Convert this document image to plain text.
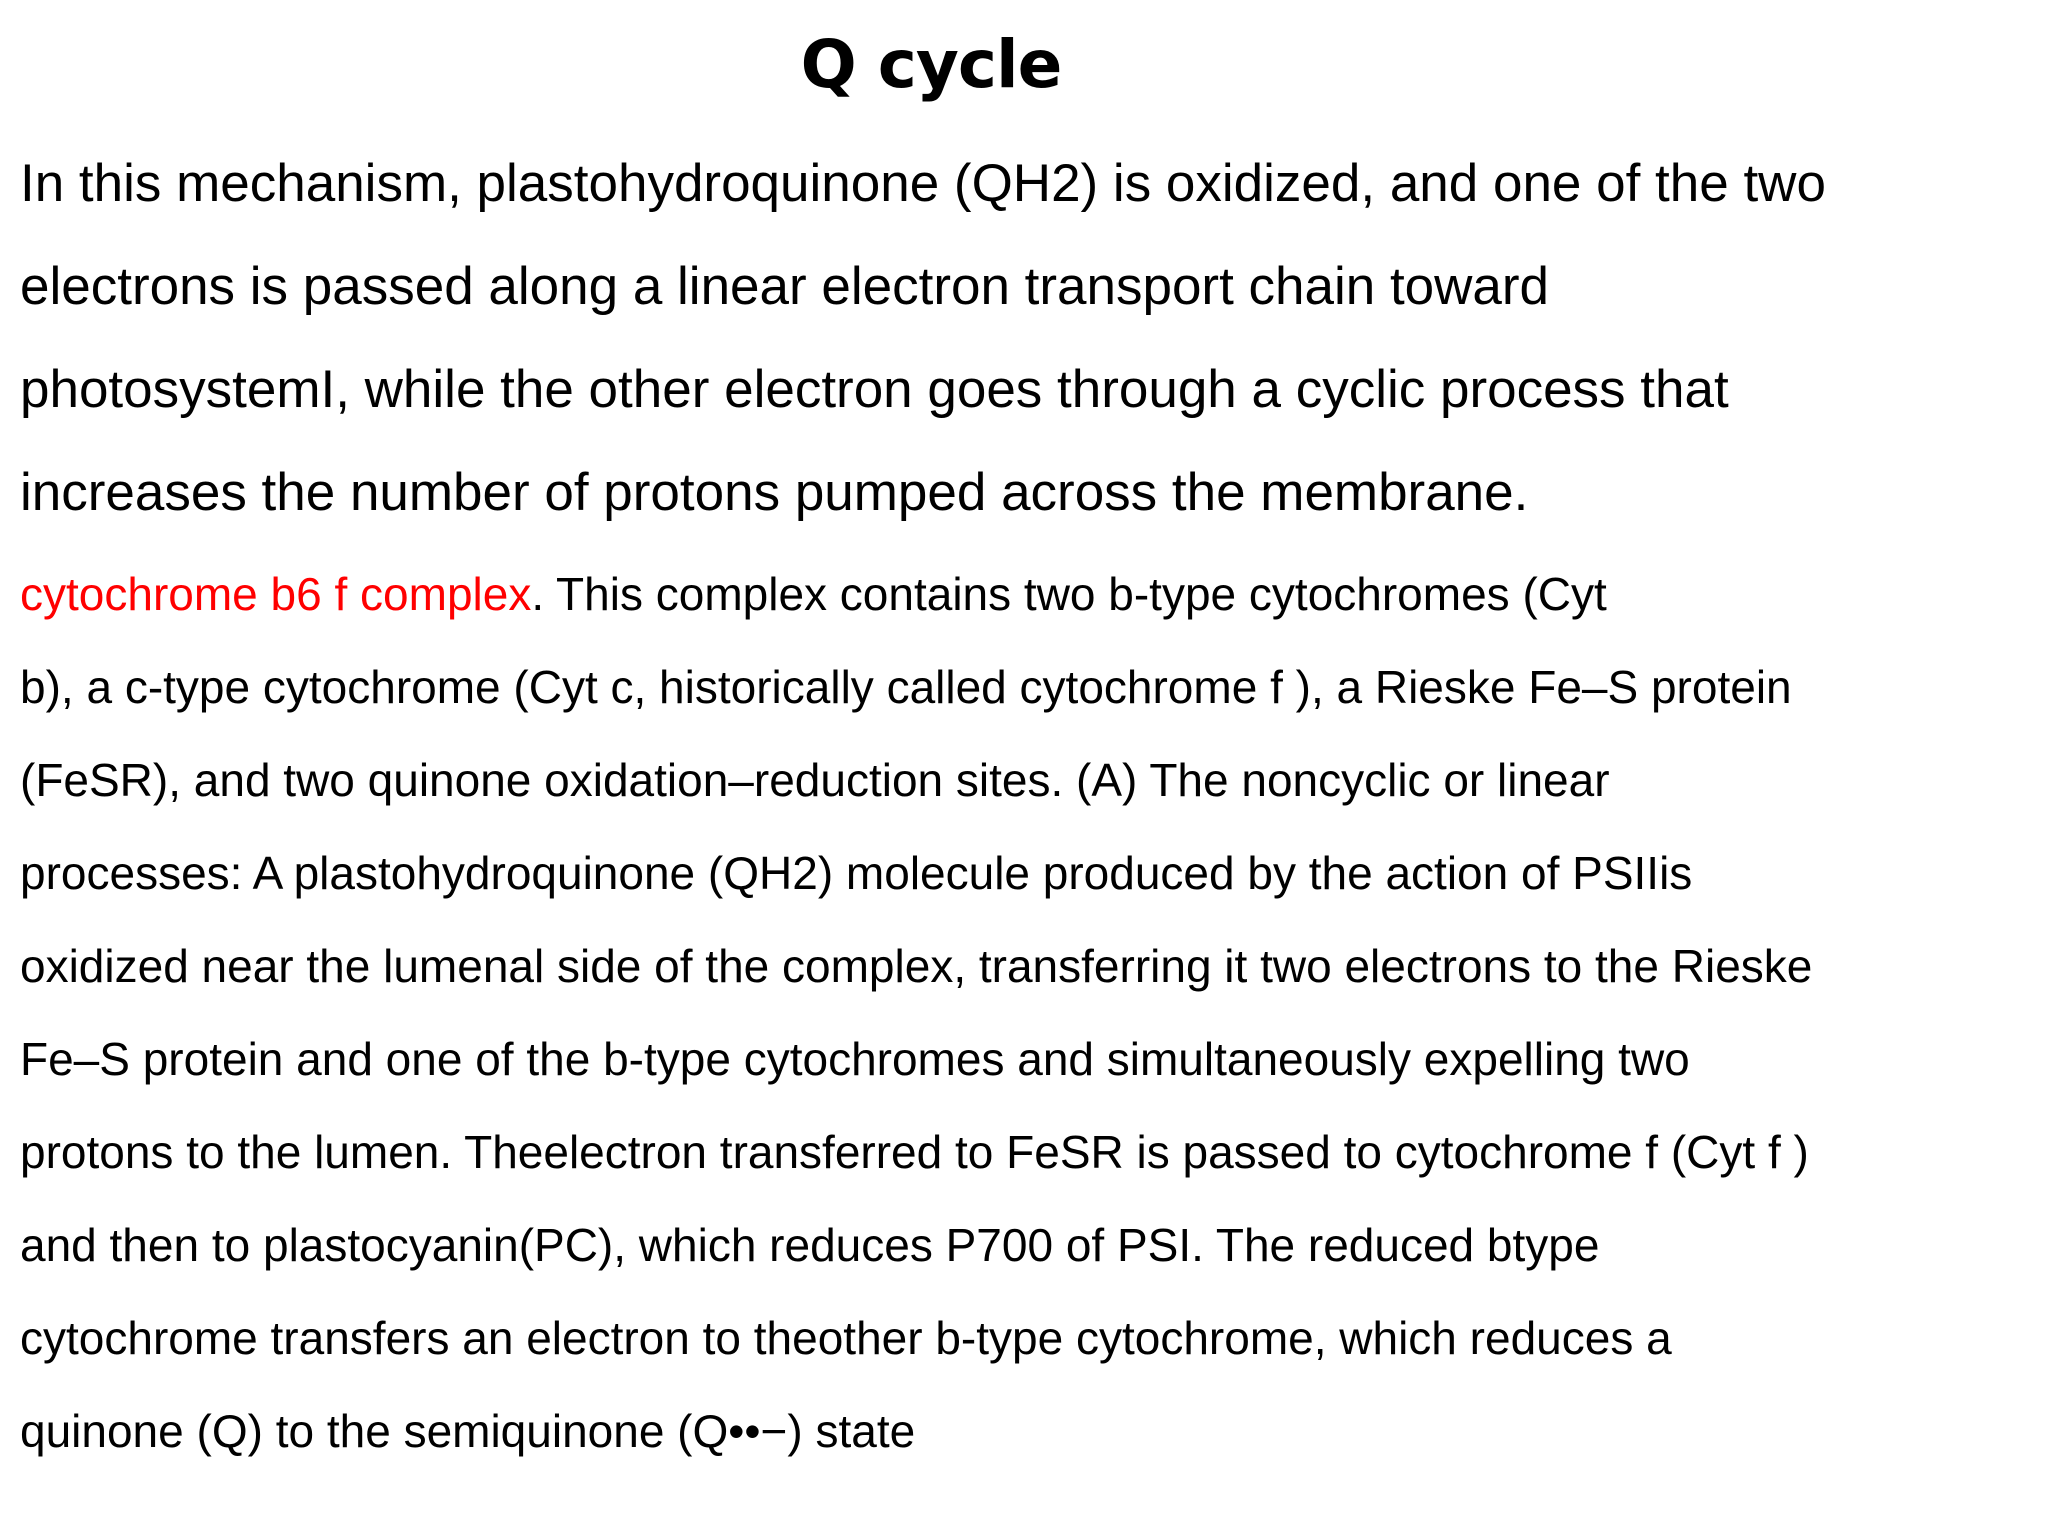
Q cycle

In this mechanism, plastohydroquinone (QH2) is oxidized, and one of the two
electrons is passed along a linear electron transport chain toward
photosystemI, while the other electron goes through a cyclic process that
increases the number of protons pumped across the membrane.

cytochrome b6 f complex. This complex contains two b-type cytochromes (Cyt
b), a c-type cytochrome (Cyt c, historically called cytochrome f ), a Rieske Fe–S protein
(FeSR), and two quinone oxidation–reduction sites. (A) The noncyclic or linear
processes: A plastohydroquinone (QH2) molecule produced by the action of PSIIis
oxidized near the lumenal side of the complex, transferring it two electrons to the Rieske
Fe–S protein and one of the b-type cytochromes and simultaneously expelling two
protons to the lumen. Theelectron transferred to FeSR is passed to cytochrome f (Cyt f )
and then to plastocyanin(PC), which reduces P700 of PSI. The reduced btype
cytochrome transfers an electron to theother b-type cytochrome, which reduces a
quinone (Q) to the semiquinone (Q••−) state
